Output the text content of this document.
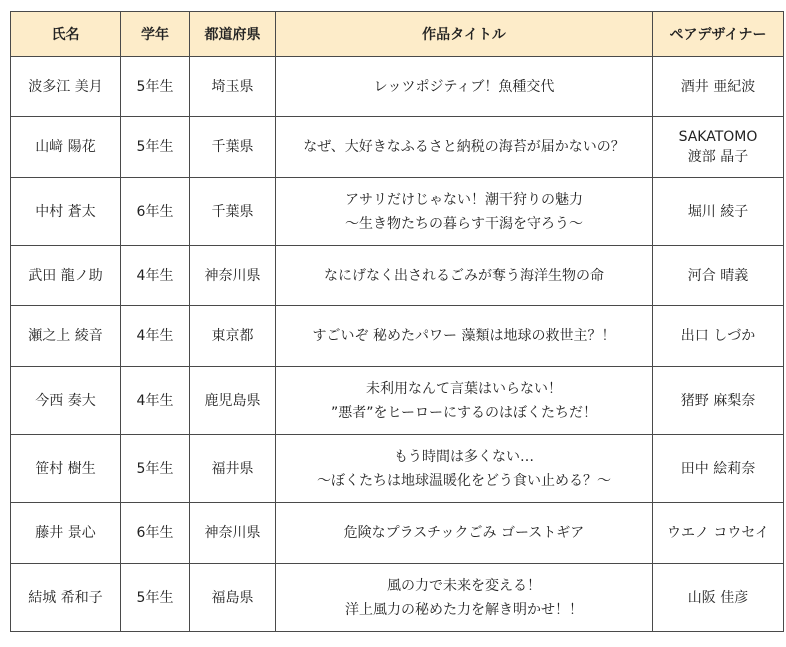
氏名	学年	都道府県	作品タイトル	ペアデザイナー
波多江 美月	5年生	埼玉県	レッツポジティブ！魚種交代	酒井 亜紀波

山﨑 陽花	5年生	千葉県	なぜ、大好きなふるさと納税の海苔が届かないの？	SAKATOMO
渡部 晶子

中村 蒼太	6年生	千葉県	アサリだけじゃない！潮干狩りの魅力
～生き物たちの暮らす干潟を守ろう～	堀川 綾子

武田 龍ノ助	4年生	神奈川県	なにげなく出されるごみが奪う海洋生物の命	河合 晴義

瀬之上 綾音	4年生	東京都	すごいぞ 秘めたパワー 藻類は地球の救世主？！	出口 しづか

今西 奏大	4年生	鹿児島県	未利用なんて言葉はいらない！
”悪者”をヒーローにするのはぼくたちだ！	猪野 麻梨奈

笹村 樹生	5年生	福井県	もう時間は多くない…
～ぼくたちは地球温暖化をどう食い止める？～	田中 絵莉奈

藤井 景心	6年生	神奈川県	危険なプラスチックごみ ゴーストギア	ウエノ コウセイ

結城 希和子	5年生	福島県	風の力で未来を変える！
洋上風力の秘めた力を解き明かせ！！	山阪 佳彦
